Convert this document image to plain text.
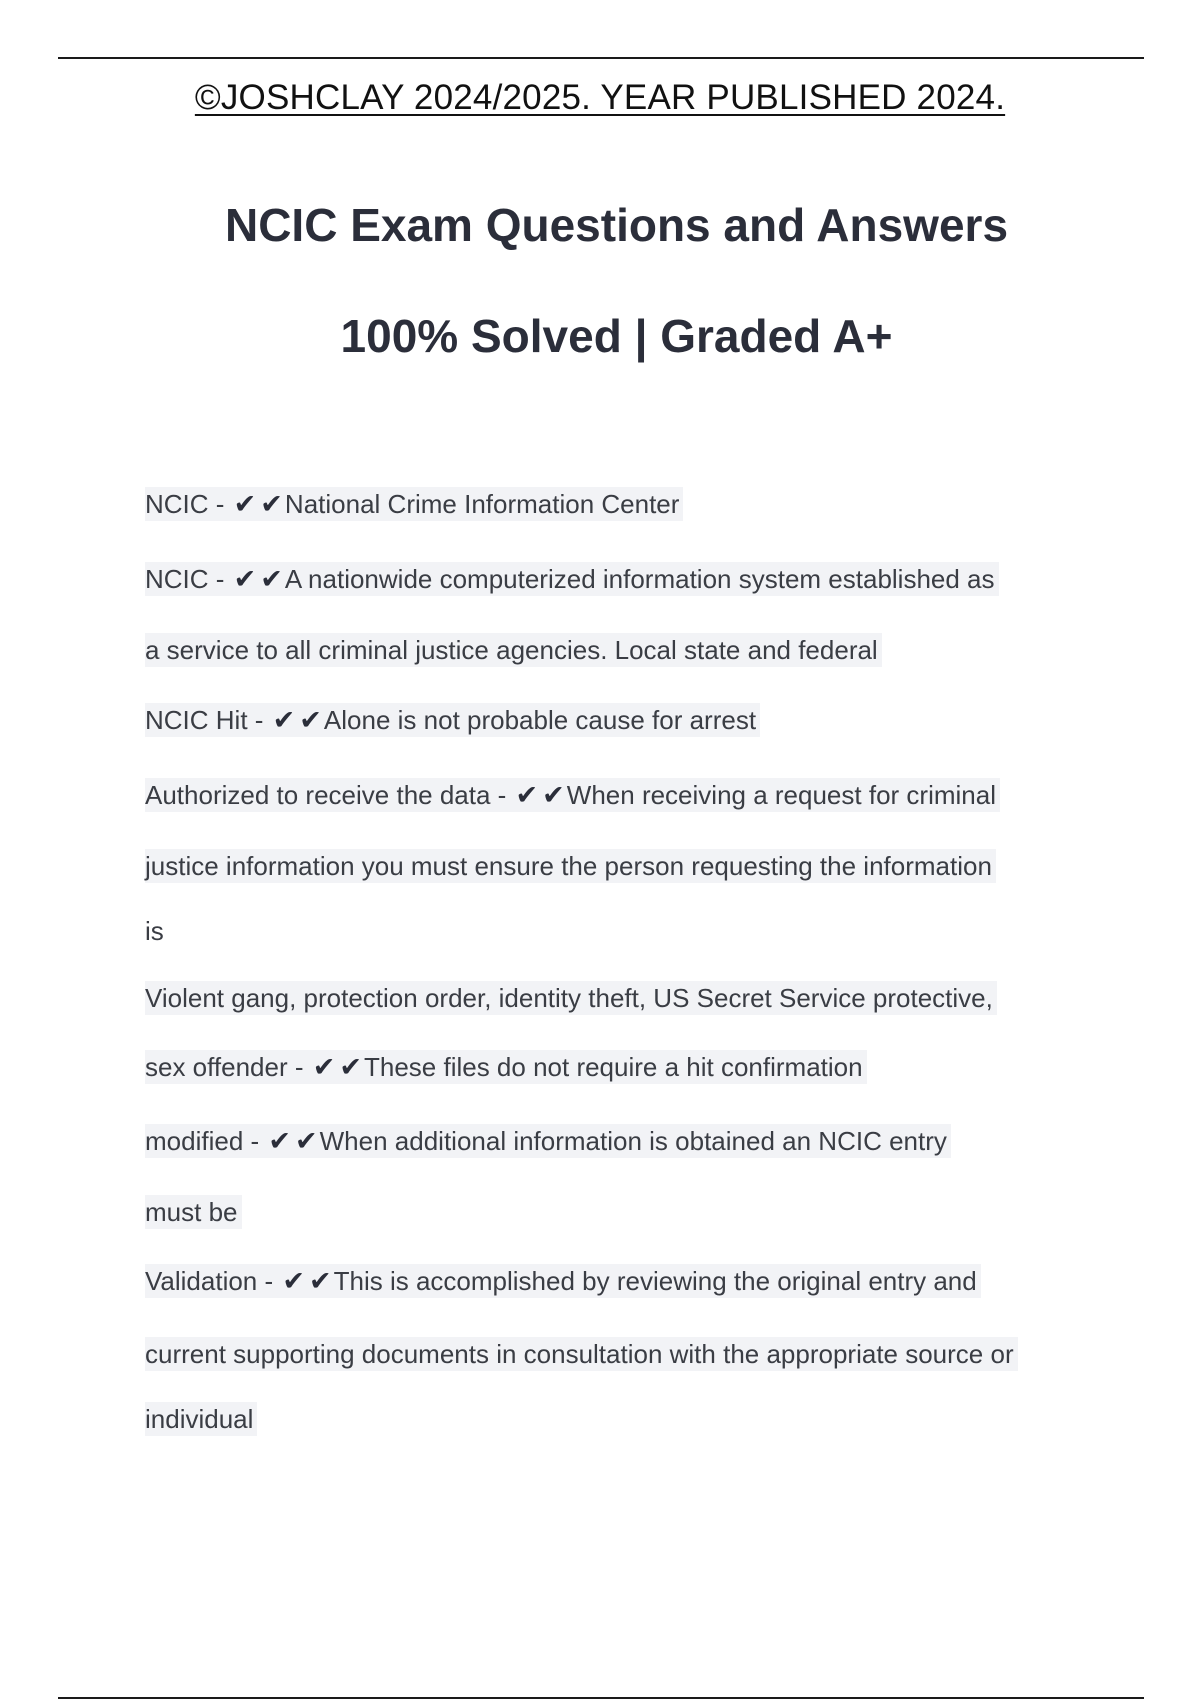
©JOSHCLAY 2024/2025. YEAR PUBLISHED 2024.
NCIC Exam Questions and Answers
100% Solved | Graded A+
NCIC - ✔ ✔National Crime Information Center
NCIC - ✔ ✔A nationwide computerized information system established as
a service to all criminal justice agencies. Local state and federal
NCIC Hit - ✔ ✔Alone is not probable cause for arrest
Authorized to receive the data - ✔ ✔When receiving a request for criminal
justice information you must ensure the person requesting the information
is
Violent gang, protection order, identity theft, US Secret Service protective,
sex offender - ✔ ✔These files do not require a hit confirmation
modified - ✔ ✔When additional information is obtained an NCIC entry
must be
Validation - ✔ ✔This is accomplished by reviewing the original entry and
current supporting documents in consultation with the appropriate source or
individual
